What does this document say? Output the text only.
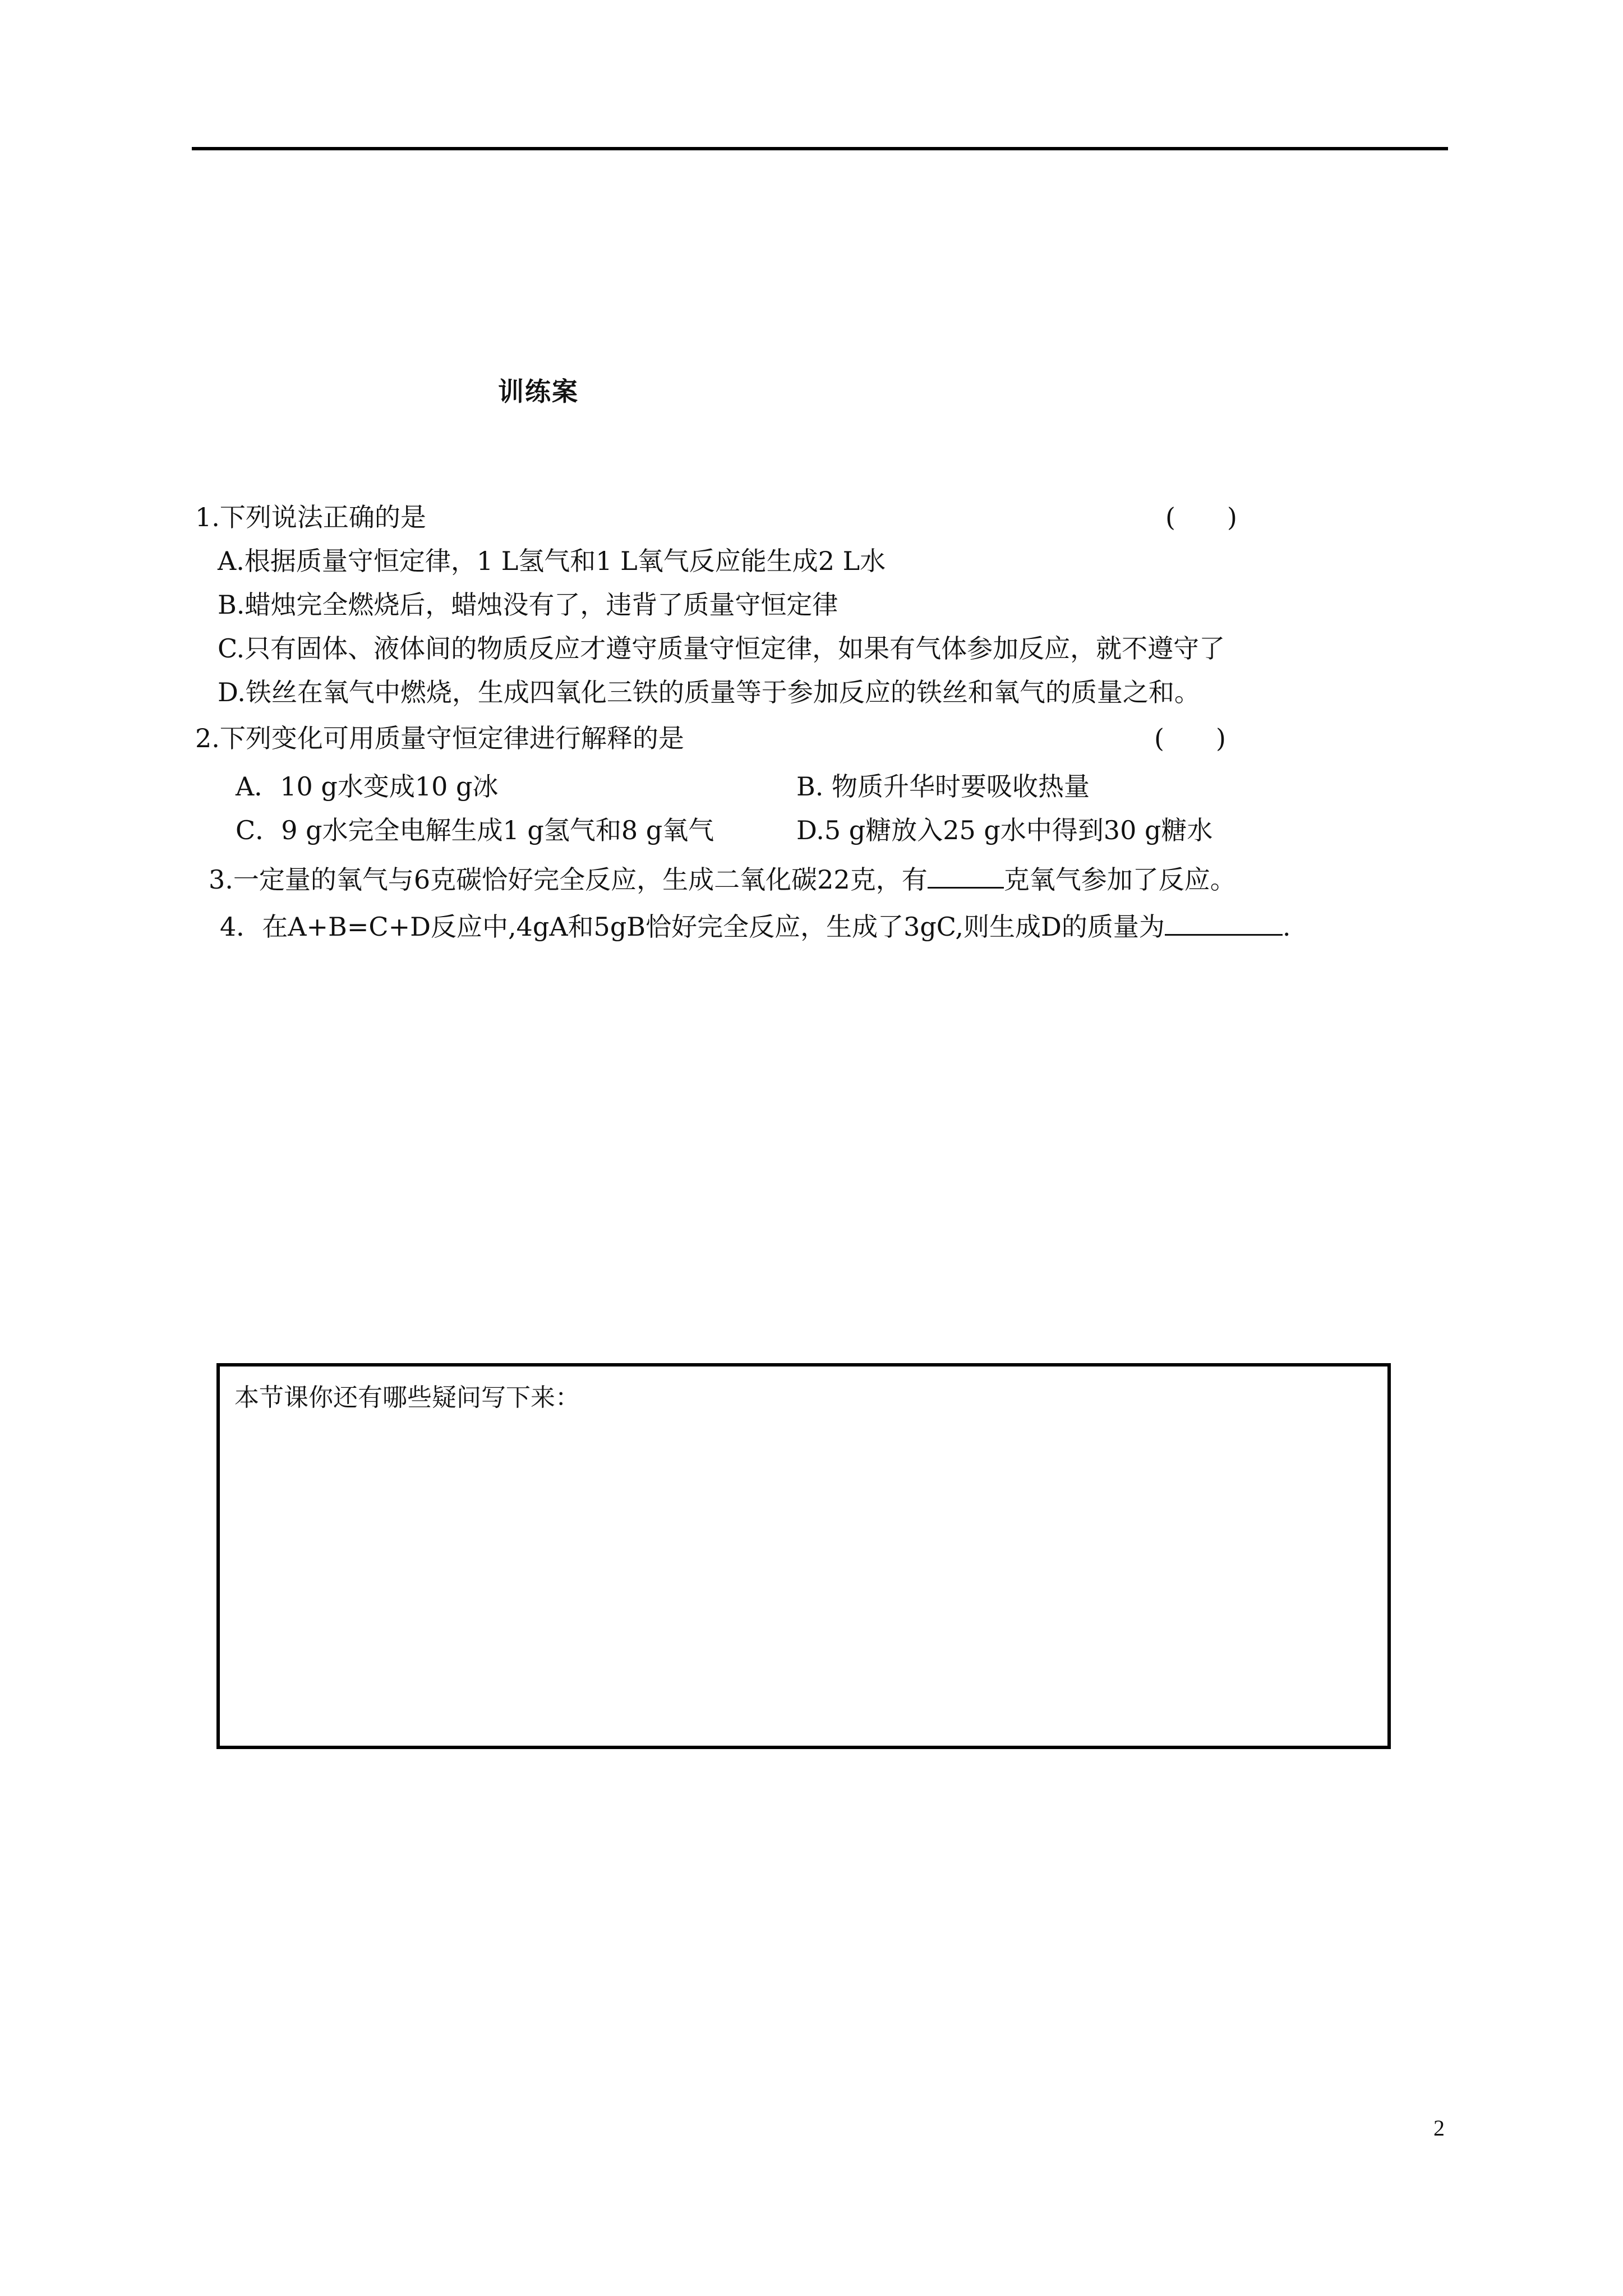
训练案
1.下列说法正确的是	(　　)
A.根据质量守恒定律，1 L氢气和1 L氧气反应能生成2 L水
B.蜡烛完全燃烧后，蜡烛没有了，违背了质量守恒定律
C.只有固体、液体间的物质反应才遵守质量守恒定律，如果有气体参加反应，就不遵守了
D.铁丝在氧气中燃烧，生成四氧化三铁的质量等于参加反应的铁丝和氧气的质量之和。
2.下列变化可用质量守恒定律进行解释的是	(　　)
A．10 g水变成10 g冰	B. 物质升华时要吸收热量
C．9 g水完全电解生成1 g氢气和8 g氧气	D.5 g糖放入25 g水中得到30 g糖水
3.一定量的氧气与6克碳恰好完全反应，生成二氧化碳22克，有	克氧气参加了反应。
4．在A+B=C+D反应中,4gA和5gB恰好完全反应，生成了3gC,则生成D的质量为	.
本节课你还有哪些疑问写下来：
2
